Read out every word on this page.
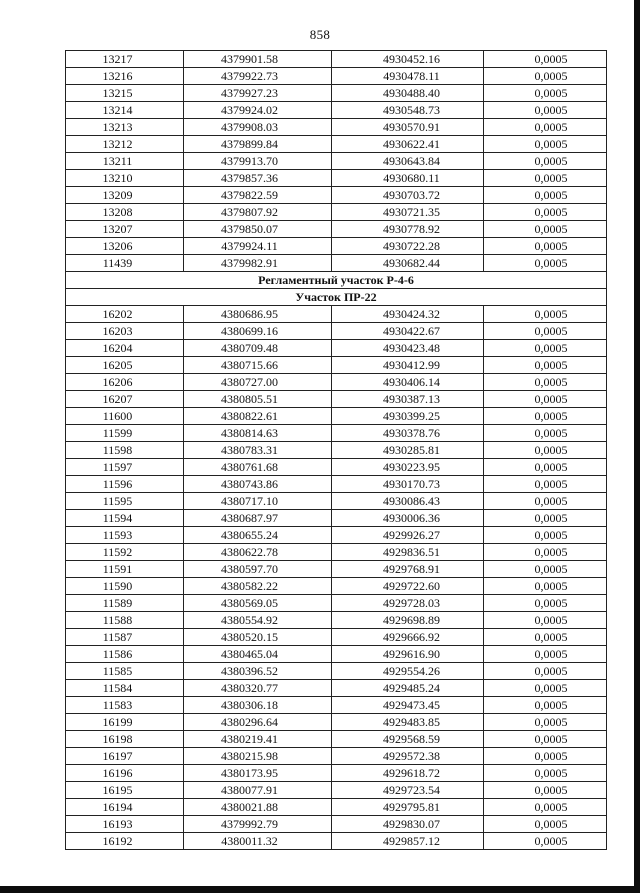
858
13217	4379901.58	4930452.16	0,0005
13216	4379922.73	4930478.11	0,0005
13215	4379927.23	4930488.40	0,0005
13214	4379924.02	4930548.73	0,0005
13213	4379908.03	4930570.91	0,0005
13212	4379899.84	4930622.41	0,0005
13211	4379913.70	4930643.84	0,0005
13210	4379857.36	4930680.11	0,0005
13209	4379822.59	4930703.72	0,0005
13208	4379807.92	4930721.35	0,0005
13207	4379850.07	4930778.92	0,0005
13206	4379924.11	4930722.28	0,0005
11439	4379982.91	4930682.44	0,0005
Регламентный участок Р-4-6			
Участок ПР-22			
16202	4380686.95	4930424.32	0,0005
16203	4380699.16	4930422.67	0,0005
16204	4380709.48	4930423.48	0,0005
16205	4380715.66	4930412.99	0,0005
16206	4380727.00	4930406.14	0,0005
16207	4380805.51	4930387.13	0,0005
11600	4380822.61	4930399.25	0,0005
11599	4380814.63	4930378.76	0,0005
11598	4380783.31	4930285.81	0,0005
11597	4380761.68	4930223.95	0,0005
11596	4380743.86	4930170.73	0,0005
11595	4380717.10	4930086.43	0,0005
11594	4380687.97	4930006.36	0,0005
11593	4380655.24	4929926.27	0,0005
11592	4380622.78	4929836.51	0,0005
11591	4380597.70	4929768.91	0,0005
11590	4380582.22	4929722.60	0,0005
11589	4380569.05	4929728.03	0,0005
11588	4380554.92	4929698.89	0,0005
11587	4380520.15	4929666.92	0,0005
11586	4380465.04	4929616.90	0,0005
11585	4380396.52	4929554.26	0,0005
11584	4380320.77	4929485.24	0,0005
11583	4380306.18	4929473.45	0,0005
16199	4380296.64	4929483.85	0,0005
16198	4380219.41	4929568.59	0,0005
16197	4380215.98	4929572.38	0,0005
16196	4380173.95	4929618.72	0,0005
16195	4380077.91	4929723.54	0,0005
16194	4380021.88	4929795.81	0,0005
16193	4379992.79	4929830.07	0,0005
16192	4380011.32	4929857.12	0,0005
